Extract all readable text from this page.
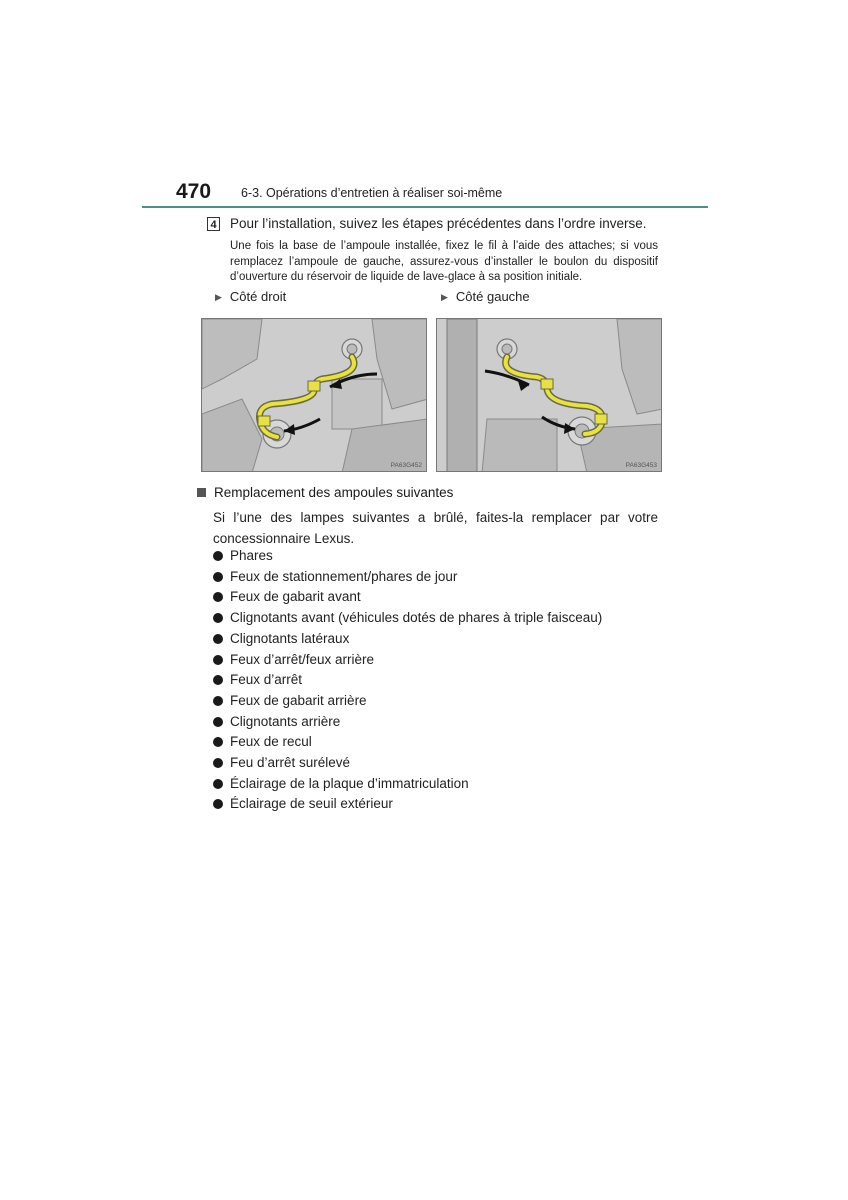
470 6-3. Opérations d’entretien à réaliser soi-même
4 Pour l’installation, suivez les étapes précédentes dans l’ordre inverse.
Une fois la base de l’ampoule installée, fixez le fil à l’aide des attaches; si vous remplacez l’ampoule de gauche, assurez-vous d’installer le boulon du dispositif d’ouverture du réservoir de liquide de lave-glace à sa position initiale.
▶ Côté droit	▶ Côté gauche
PA63G452	PA63G453
Remplacement des ampoules suivantes
Si l’une des lampes suivantes a brûlé, faites-la remplacer par votre concessionnaire Lexus.
Phares
Feux de stationnement/phares de jour
Feux de gabarit avant
Clignotants avant (véhicules dotés de phares à triple faisceau)
Clignotants latéraux
Feux d’arrêt/feux arrière
Feux d’arrêt
Feux de gabarit arrière
Clignotants arrière
Feux de recul
Feu d’arrêt surélevé
Éclairage de la plaque d’immatriculation
Éclairage de seuil extérieur
